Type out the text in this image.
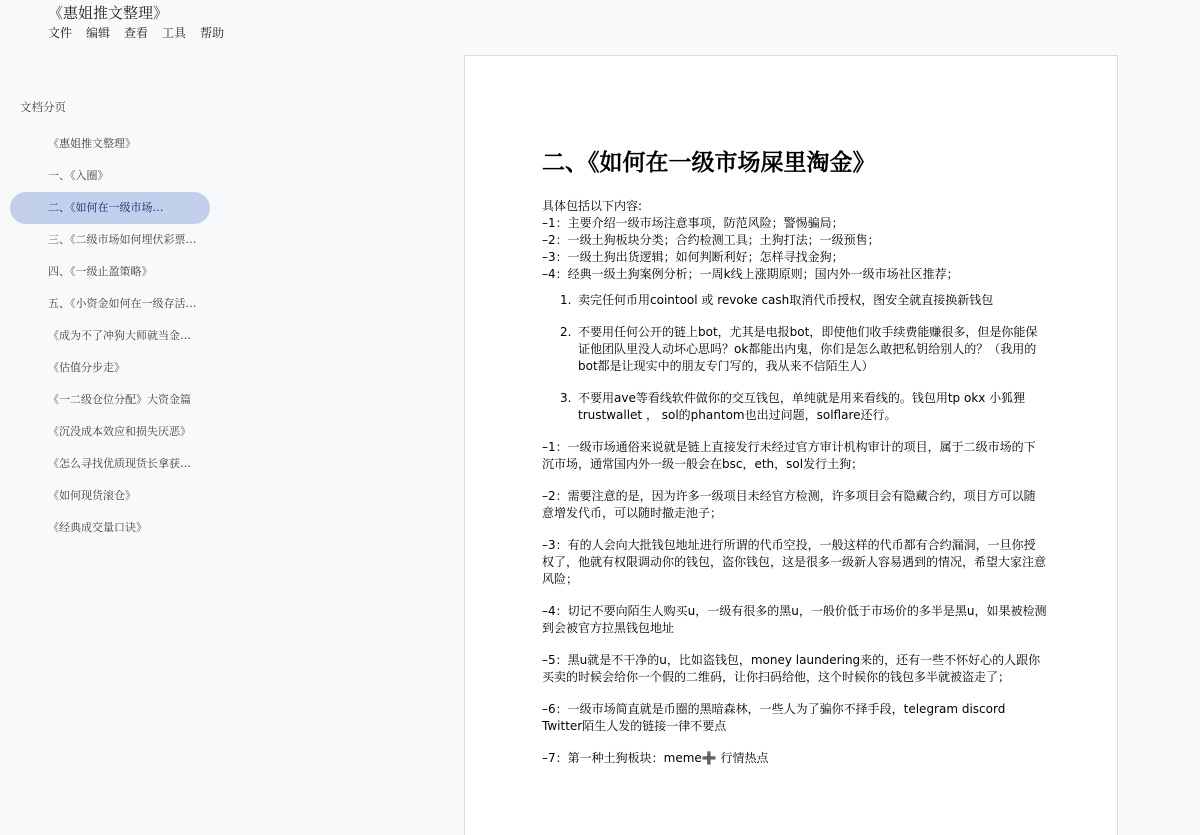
《惠姐推文整理》
文件 编辑 查看 工具 帮助
文档分页
《惠姐推文整理》
一、《入圈》
二、《如何在一级市场…
三、《二级市场如何埋伏彩票…
四、《一级止盈策略》
五、《小资金如何在一级存活…
《成为不了冲狗大师就当金…
《估值分步走》
《一二级仓位分配》大资金篇
《沉没成本效应和损失厌恶》
《怎么寻找优质现货长拿获…
《如何现货滚仓》
《经典成交量口诀》
二、《如何在一级市场屎里淘金》
具体包括以下内容:
–1：主要介绍一级市场注意事项，防范风险；警惕骗局；
–2：一级土狗板块分类；合约检测工具；土狗打法；一级预售；
–3：一级土狗出货逻辑；如何判断利好；怎样寻找金狗；
–4：经典一级土狗案例分析；一周k线上涨期原则；国内外一级市场社区推荐；
1. 卖完任何币用cointool 或 revoke cash取消代币授权，图安全就直接换新钱包
2. 不要用任何公开的链上bot，尤其是电报bot，即使他们收手续费能赚很多，但是你能保证他团队里没人动坏心思吗？ok都能出内鬼，你们是怎么敢把私钥给别人的？（我用的bot都是让现实中的朋友专门写的，我从来不信陌生人）
3. 不要用ave等看线软件做你的交互钱包，单纯就是用来看线的。钱包用tp okx 小狐狸 trustwallet ， sol的phantom也出过问题，solflare还行。

–1：一级市场通俗来说就是链上直接发行未经过官方审计机构审计的项目，属于二级市场的下沉市场，通常国内外一级一般会在bsc，eth，sol发行土狗；

–2：需要注意的是，因为许多一级项目未经官方检测，许多项目会有隐藏合约，项目方可以随意增发代币，可以随时撤走池子；

–3：有的人会向大批钱包地址进行所谓的代币空投，一般这样的代币都有合约漏洞，一旦你授权了，他就有权限调动你的钱包，盗你钱包，这是很多一级新人容易遇到的情况，希望大家注意风险；

–4：切记不要向陌生人购买u，一级有很多的黑u，一般价低于市场价的多半是黑u，如果被检测到会被官方拉黑钱包地址

–5：黑u就是不干净的u，比如盗钱包，money laundering来的，还有一些不怀好心的人跟你买卖的时候会给你一个假的二维码，让你扫码给他，这个时候你的钱包多半就被盗走了；

–6：一级市场简直就是币圈的黑暗森林，一些人为了骗你不择手段，telegram discord Twitter陌生人发的链接一律不要点

–7：第一种土狗板块：meme➕ 行情热点
